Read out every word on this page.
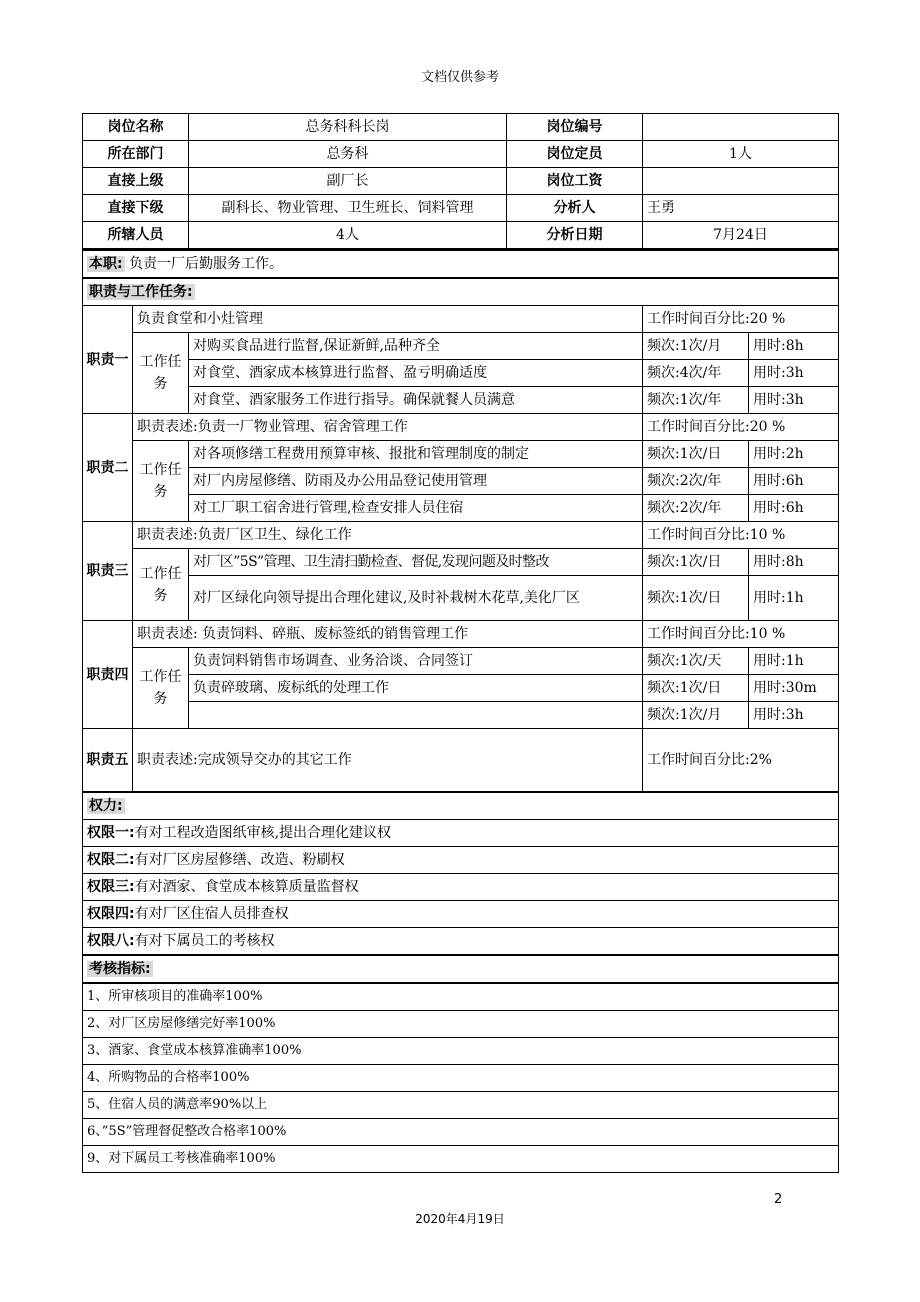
文档仅供参考
岗位名称	总务科科长岗	岗位编号	
所在部门	总务科	岗位定员	1人
直接上级	副厂长	岗位工资	
直接下级	副科长、物业管理、卫生班长、饲料管理	分析人	王勇
所辖人员	4人	分析日期	7月24日
本职: 负责一厂后勤服务工作。				
职责与工作任务:				
职责一	负责食堂和小灶管理		工作时间百分比:20 %	
	工作任务	对购买食品进行监督,保证新鲜,品种齐全	频次:1次/月	用时:8h
		对食堂、酒家成本核算进行监督、盈亏明确适度	频次:4次/年	用时:3h
		对食堂、酒家服务工作进行指导。确保就餐人员满意	频次:1次/年	用时:3h
职责二	职责表述:负责一厂物业管理、宿舍管理工作		工作时间百分比:20 %	
	工作任务	对各项修缮工程费用预算审核、报批和管理制度的制定	频次:1次/日	用时:2h
		对厂内房屋修缮、防雨及办公用品登记使用管理	频次:2次/年	用时:6h
		对工厂职工宿舍进行管理,检查安排人员住宿	频次:2次/年	用时:6h
职责三	职责表述:负责厂区卫生、绿化工作		工作时间百分比:10 %	
	工作任务	对厂区”5S”管理、卫生清扫勤检查、督促,发现问题及时整改	频次:1次/日	用时:8h
		对厂区绿化向领导提出合理化建议,及时补栽树木花草,美化厂区	频次:1次/日	用时:1h
职责四	职责表述: 负责饲料、碎瓶、废标签纸的销售管理工作		工作时间百分比:10 %	
	工作任务	负责饲料销售市场调查、业务洽谈、合同签订	频次:1次/天	用时:1h
		负责碎玻璃、废标纸的处理工作	频次:1次/日	用时:30m
			频次:1次/月	用时:3h
职责五	职责表述:完成领导交办的其它工作		工作时间百分比:2%	
权力:				
权限一:有对工程改造图纸审核,提出合理化建议权				
权限二:有对厂区房屋修缮、改造、粉刷权				
权限三:有对酒家、食堂成本核算质量监督权				
权限四:有对厂区住宿人员排查权				
权限八:有对下属员工的考核权				
考核指标:				
1、所审核项目的准确率100%				
2、对厂区房屋修缮完好率100%				
3、酒家、食堂成本核算准确率100%				
4、所购物品的合格率100%				
5、住宿人员的满意率90%以上				
6、”5S”管理督促整改合格率100%				
9、对下属员工考核准确率100%				
2
2020年4月19日
